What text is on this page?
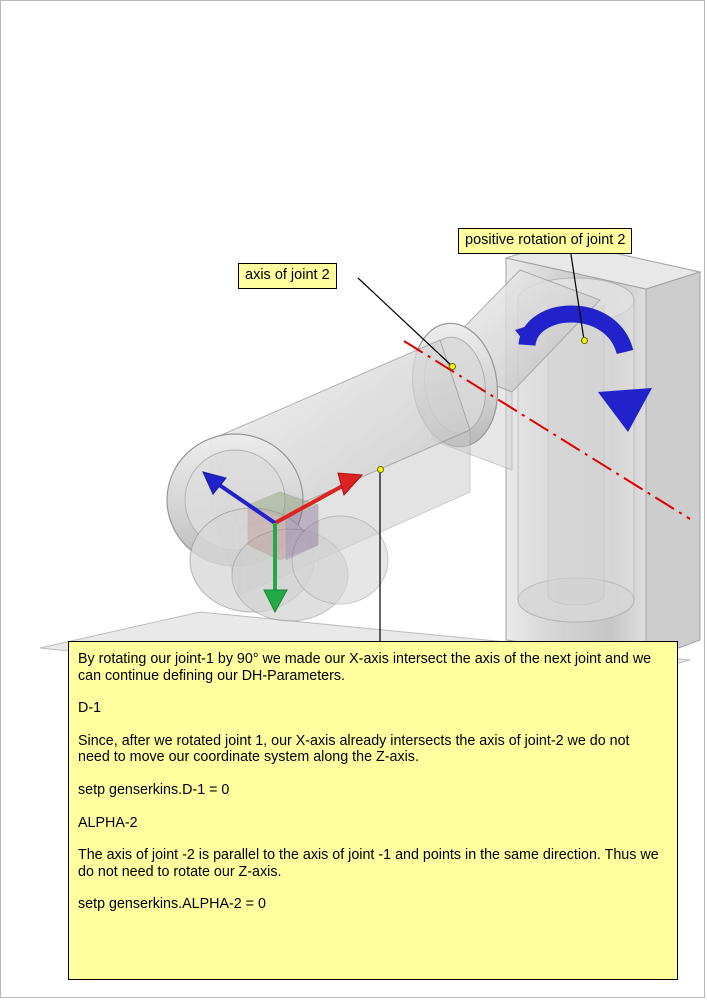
axis of joint 2
positive rotation of joint 2

By rotating our joint-1 by 90° we made our X-axis intersect the axis of the next joint and we can continue defining our DH-Parameters.

D-1

Since, after we rotated joint 1, our X-axis already intersects the axis of joint-2 we do not need to move our coordinate system along the Z-axis.

setp genserkins.D-1 = 0

ALPHA-2

The axis of joint -2 is parallel to the axis of joint -1 and points in the same direction. Thus we do not need to rotate our Z-axis.

setp genserkins.ALPHA-2 = 0
